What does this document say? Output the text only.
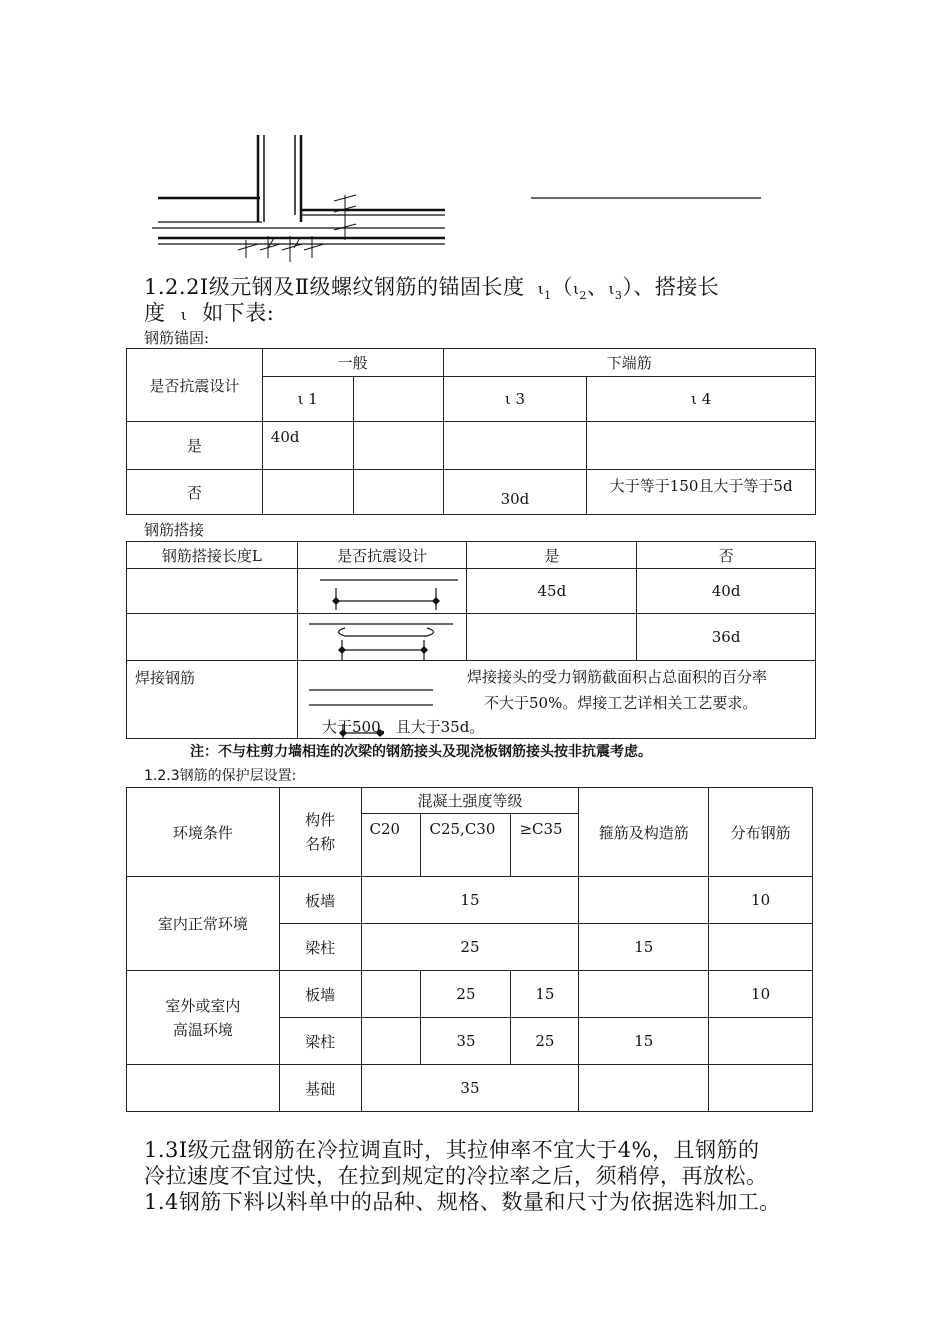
1.2.2Ⅰ级元钢及Ⅱ级螺纹钢筋的锚固长度 $\iota_1(\iota_2$、$\iota_3$）、搭接长
度 ι 如下表:
钢筋锚固:
是否抗震设计	一般		下端筋	
	ι 1		ι 3	ι 4
是	40d			
否			30d	大于等于150且大于等于5d
钢筋搭接
钢筋搭接长度L	是否抗震设计	是	否
		45d	40d
			36d
焊接钢筋				焊接接头的受力钢筋截面积占总面积的百分率
不大于50%。焊接工艺详相关工艺要求。
大于500，且大于35d。
注：不与柱剪力墙相连的次梁的钢筋接头及现浇板钢筋接头按非抗震考虑。
1.2.3钢筋的保护层设置:
环境条件	构件
名称	混凝土强度等级			箍筋及构造筋	分布钢筋
		C20	C25,C30	≥C35		
室内正常环境	板墙	15				10
	梁柱	25			15	

室外或室内
高温环境	板墙		25	15		10
	梁柱		35	25	15	
	基础	35				
1.3Ⅰ级元盘钢筋在冷拉调直时，其拉伸率不宜大于4%，且钢筋的
冷拉速度不宜过快，在拉到规定的冷拉率之后，须稍停，再放松。
1.4钢筋下料以料单中的品种、规格、数量和尺寸为依据选料加工。
